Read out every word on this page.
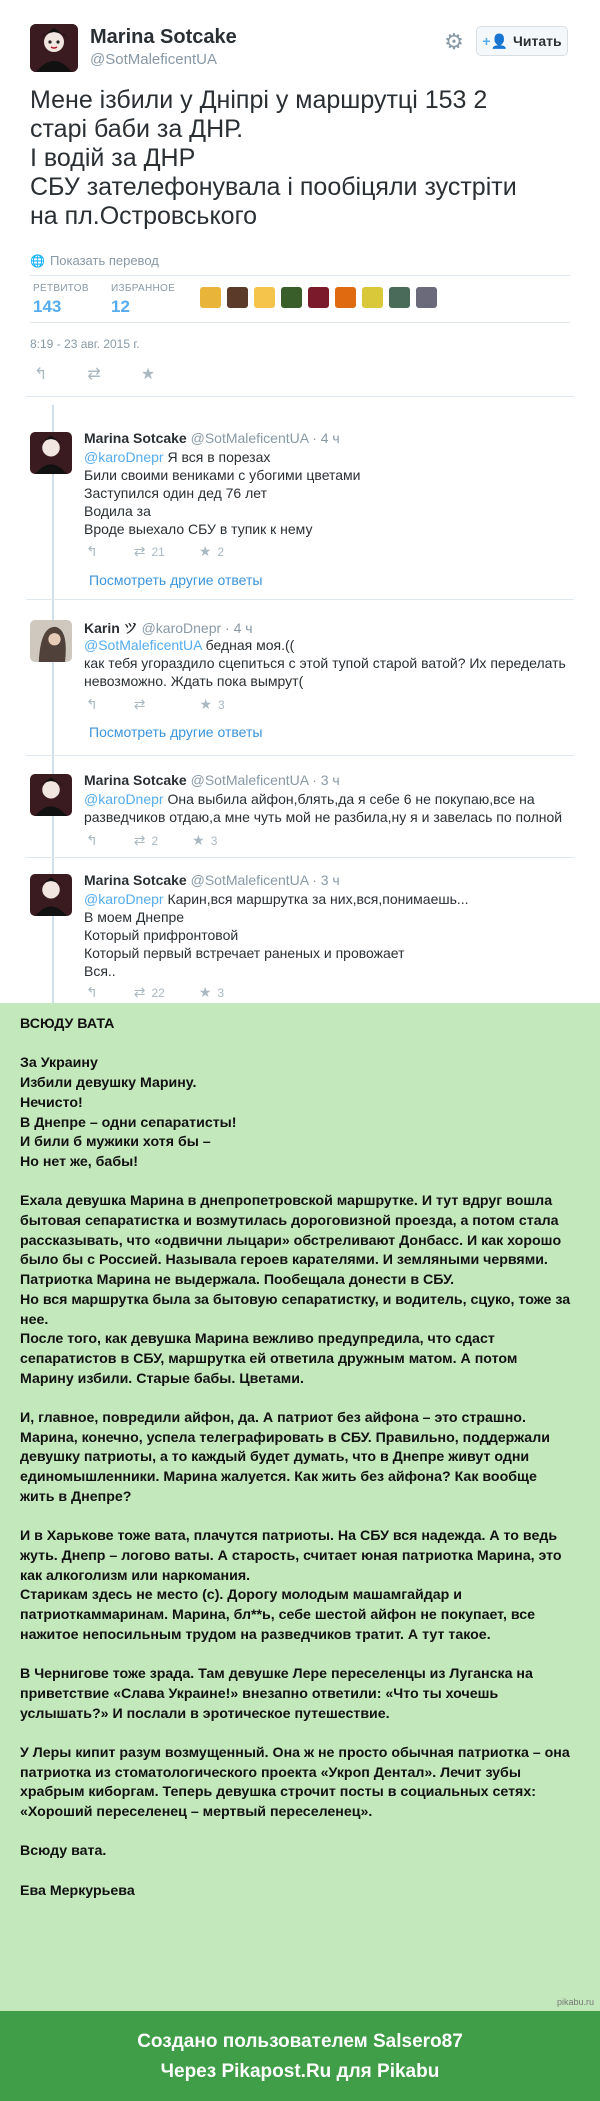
Marina Sotcake
@SotMaleficentUA
⚙ +👤 Читать
Мене ізбили у Дніпрі у маршрутці 153 2
старі баби за ДНР.
І водій за ДНР
СБУ зателефонувала і пообіцяли зустріти
на пл.Островського
🌐 Показать перевод
РЕТВИТОВ
143
ИЗБРАННОЕ
12
8:19 - 23 авг. 2015 г.
↰	⇄	★
Marina Sotcake @SotMaleficentUA · 4 ч
@karoDnepr Я вся в порезах
Били своими вениками с убогими цветами
Заступился один дед 76 лет
Водила за
Вроде выехало СБУ в тупик к нему
↰	⇄ 21 ★ 2
Посмотреть другие ответы
Karin ツ @karoDnepr · 4 ч
@SotMaleficentUA бедная моя.((
как тебя угораздило сцепиться с этой тупой старой ватой? Их переделать
невозможно. Ждать пока вымрут(
↰	⇄	★ 3
Посмотреть другие ответы
Marina Sotcake @SotMaleficentUA · 3 ч
@karoDnepr Она выбила айфон,блять,да я себе 6 не покупаю,все на
разведчиков отдаю,а мне чуть мой не разбила,ну я и завелась по полной
↰	⇄ 2 ★ 3
Marina Sotcake @SotMaleficentUA · 3 ч
@karoDnepr Карин,вся маршрутка за них,вся,понимаешь...
В моем Днепре
Который прифронтовой
Который первый встречает раненых и провожает
Вся..
↰	⇄ 22 ★ 3

ВСЮДУ ВАТА

За Украину
Избили девушку Марину.
Нечисто!
В Днепре – одни сепаратисты!
И били б мужики хотя бы –
Но нет же, бабы!

Ехала девушка Марина в днепропетровской маршрутке. И тут вдруг вошла
бытовая сепаратистка и возмутилась дороговизной проезда, а потом стала
рассказывать, что «одвични лыцари» обстреливают Донбасс. И как хорошо
было бы с Россией. Называла героев карателями. И земляными червями.
Патриотка Марина не выдержала. Пообещала донести в СБУ.
Но вся маршрутка была за бытовую сепаратистку, и водитель, сцуко, тоже за
нее.
После того, как девушка Марина вежливо предупредила, что сдаст
сепаратистов в СБУ, маршрутка ей ответила дружным матом. А потом
Марину избили. Старые бабы. Цветами.

И, главное, повредили айфон, да. А патриот без айфона – это страшно.
Марина, конечно, успела телеграфировать в СБУ. Правильно, поддержали
девушку патриоты, а то каждый будет думать, что в Днепре живут одни
единомышленники. Марина жалуется. Как жить без айфона? Как вообще
жить в Днепре?

И в Харькове тоже вата, плачутся патриоты. На СБУ вся надежда. А то ведь
жуть. Днепр – логово ваты. А старость, считает юная патриотка Марина, это
как алкоголизм или наркомания.
Старикам здесь не место (с). Дорогу молодым машамгайдар и
патриоткаммаринам. Марина, бл**ь, себе шестой айфон не покупает, все
нажитое непосильным трудом на разведчиков тратит. А тут такое.

В Чернигове тоже зрада. Там девушке Лере переселенцы из Луганска на
приветствие «Слава Украине!» внезапно ответили: «Что ты хочешь
услышать?» И послали в эротическое путешествие.

У Леры кипит разум возмущенный. Она ж не просто обычная патриотка – она
патриотка из стоматологического проекта «Укроп Дентал». Лечит зубы
храбрым киборгам. Теперь девушка строчит посты в социальных сетях:
«Хороший переселенец – мертвый переселенец».

Всюду вата.

Ева Меркурьева

pikabu.ru
Создано пользователем Salsero87
Через Pikapost.Ru для Pikabu
